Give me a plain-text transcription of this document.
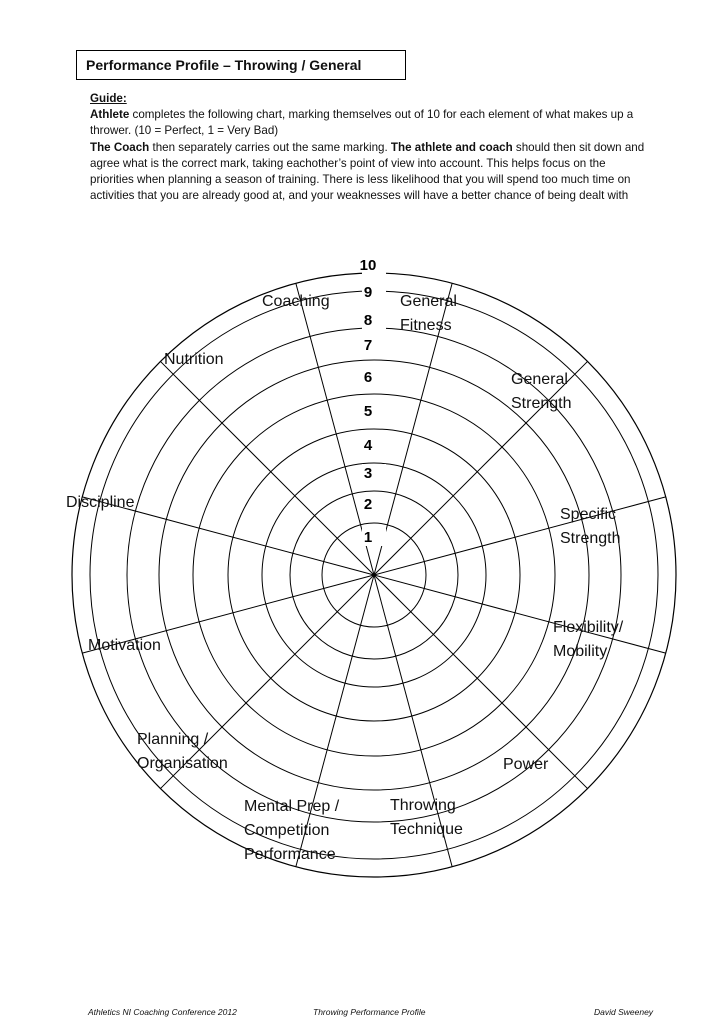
Performance Profile – Throwing / General
Guide:
Athlete completes the following chart, marking themselves out of 10 for each element of what makes up a thrower. (10 = Perfect, 1 = Very Bad)
The Coach then separately carries out the same marking. The athlete and coach should then sit down and agree what is the correct mark, taking eachother’s point of view into account. This helps focus on the priorities when planning a season of training. There is less likelihood that you will spend too much time on activities that you are already good at, and your weaknesses will have a better chance of being dealt with
1
2
3
4
5
6
7
8
9
10
Coaching	General Fitness
General Strength
Specific Strength
Flexibility/ Mobility
Power
Throwing Technique
Mental Prep / Competition Performance
Planning / Organisation
Motivation
Discipline
Nutrition
Athletics NI Coaching Conference 2012	Throwing Performance Profile	David Sweeney
